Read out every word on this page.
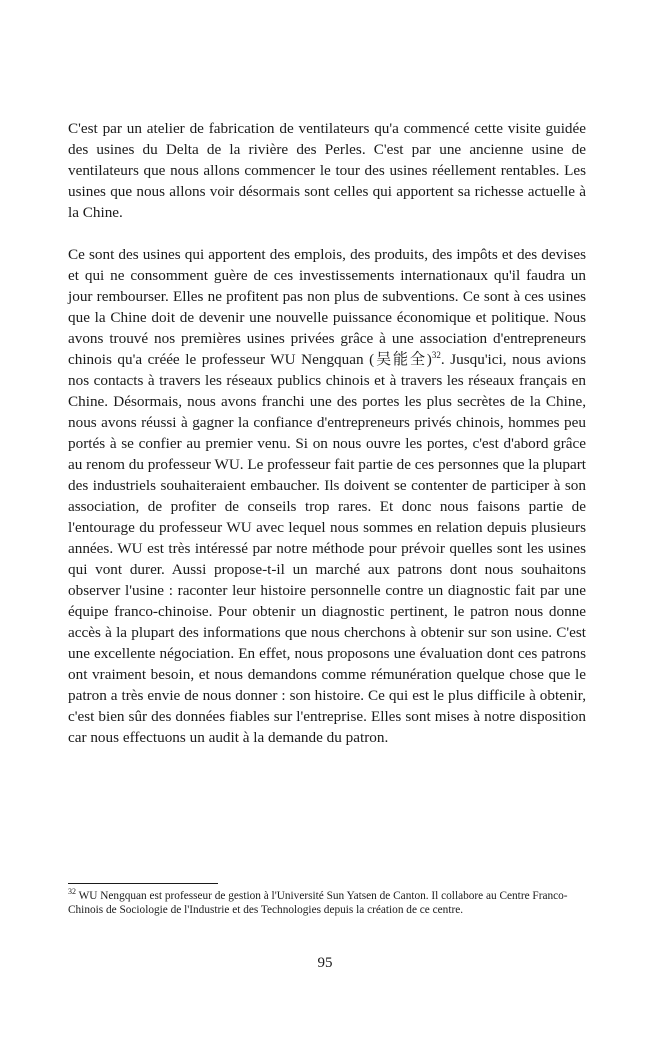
C'est par un atelier de fabrication de ventilateurs qu'a commencé cette visite guidée des usines du Delta de la rivière des Perles. C'est par une ancienne usine de ventilateurs que nous allons commencer le tour des usines réellement rentables. Les usines que nous allons voir désormais sont celles qui apportent sa richesse actuelle à la Chine.

Ce sont des usines qui apportent des emplois, des produits, des impôts et des devises et qui ne consomment guère de ces investissements internationaux qu'il faudra un jour rembourser. Elles ne profitent pas non plus de subventions. Ce sont à ces usines que la Chine doit de devenir une nouvelle puissance économique et politique. Nous avons trouvé nos premières usines privées grâce à une association d'entrepreneurs chinois qu'a créée le professeur WU Nengquan (吴能全)$^{32}$. Jusqu'ici, nous avions nos contacts à travers les réseaux publics chinois et à travers les réseaux français en Chine. Désormais, nous avons franchi une des portes les plus secrètes de la Chine, nous avons réussi à gagner la confiance d'entrepreneurs privés chinois, hommes peu portés à se confier au premier venu. Si on nous ouvre les portes, c'est d'abord grâce au renom du professeur WU. Le professeur fait partie de ces personnes que la plupart des industriels souhaiteraient embaucher. Ils doivent se contenter de participer à son association, de profiter de conseils trop rares. Et donc nous faisons partie de l'entourage du professeur WU avec lequel nous sommes en relation depuis plusieurs années. WU est très intéressé par notre méthode pour prévoir quelles sont les usines qui vont durer. Aussi propose-t-il un marché aux patrons dont nous souhaitons observer l'usine : raconter leur histoire personnelle contre un diagnostic fait par une équipe franco-chinoise. Pour obtenir un diagnostic pertinent, le patron nous donne accès à la plupart des informations que nous cherchons à obtenir sur son usine. C'est une excellente négociation. En effet, nous proposons une évaluation dont ces patrons ont vraiment besoin, et nous demandons comme rémunération quelque chose que le patron a très envie de nous donner : son histoire. Ce qui est le plus difficile à obtenir, c'est bien sûr des données fiables sur l'entreprise. Elles sont mises à notre disposition car nous effectuons un audit à la demande du patron.

$^{32}$ WU Nengquan est professeur de gestion à l'Université Sun Yatsen de Canton. Il collabore au Centre Franco-Chinois de Sociologie de l'Industrie et des Technologies depuis la création de ce centre.
95
